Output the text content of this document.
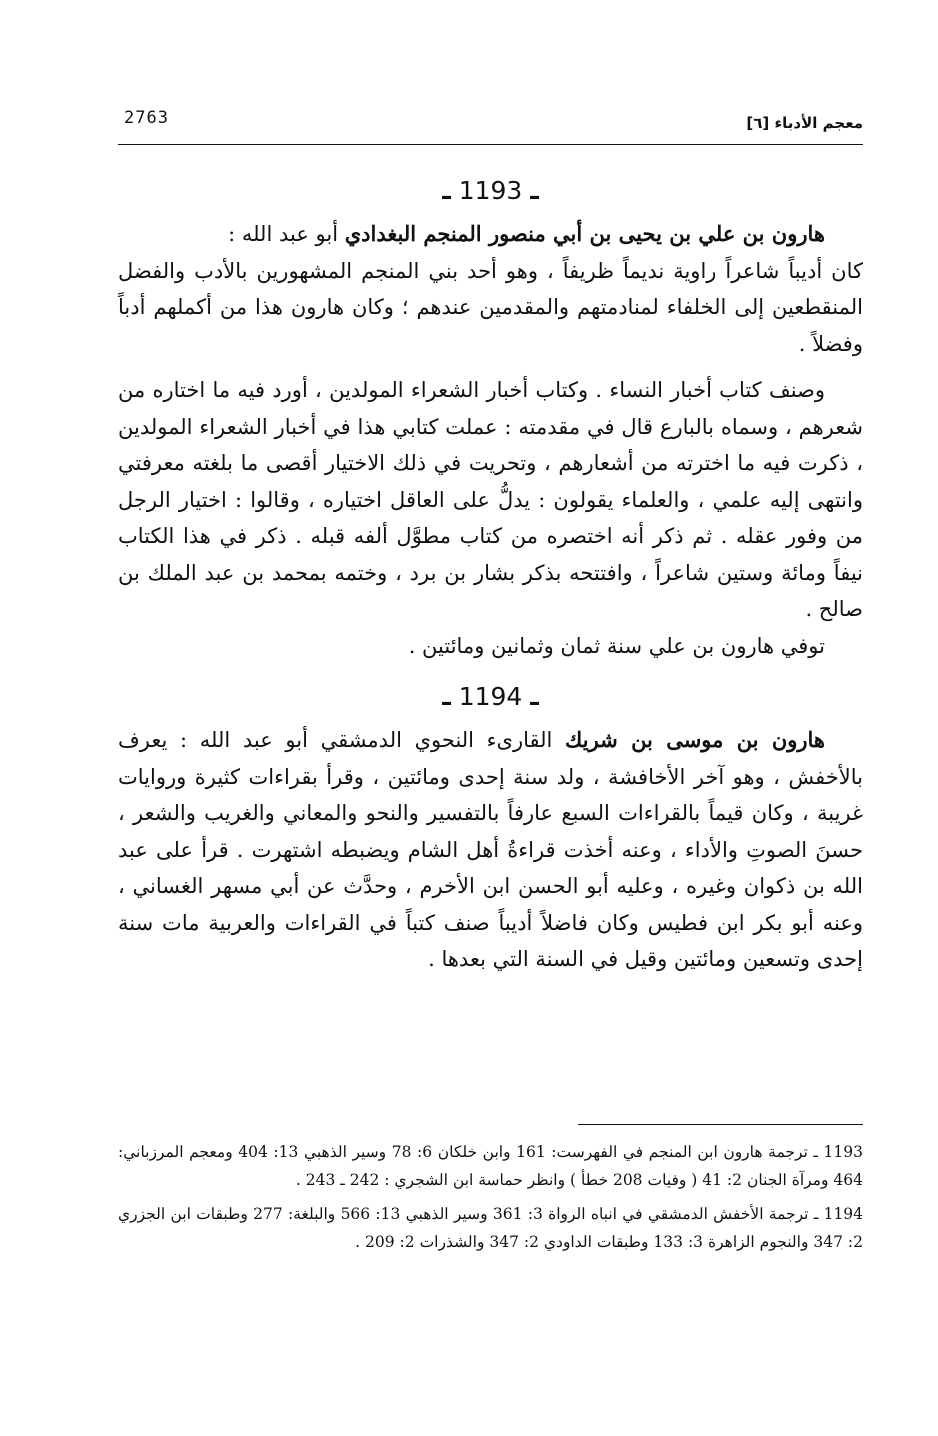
2763	معجم الأدباء [٦]
ـ 1193 ـ

هارون بن علي بن يحيى بن أبي منصور المنجم البغدادي أبو عبد الله :

كان أديباً شاعراً راوية نديماً ظريفاً ، وهو أحد بني المنجم المشهورين بالأدب والفضل المنقطعين إلى الخلفاء لمنادمتهم والمقدمين عندهم ؛ وكان هارون هذا من أكملهم أدباً وفضلاً .

وصنف كتاب أخبار النساء . وكتاب أخبار الشعراء المولدين ، أورد فيه ما اختاره من شعرهم ، وسماه بالبارع قال في مقدمته : عملت كتابي هذا في أخبار الشعراء المولدين ، ذكرت فيه ما اخترته من أشعارهم ، وتحريت في ذلك الاختيار أقصى ما بلغته معرفتي وانتهى إليه علمي ، والعلماء يقولون : يدلُّ على العاقل اختياره ، وقالوا : اختيار الرجل من وفور عقله . ثم ذكر أنه اختصره من كتاب مطوَّل ألفه قبله . ذكر في هذا الكتاب نيفاً ومائة وستين شاعراً ، وافتتحه بذكر بشار بن برد ، وختمه بمحمد بن عبد الملك بن صالح .

توفي هارون بن علي سنة ثمان وثمانين ومائتين .

ـ 1194 ـ

هارون بن موسى بن شريك القارىء النحوي الدمشقي أبو عبد الله : يعرف بالأخفش ، وهو آخر الأخافشة ، ولد سنة إحدى ومائتين ، وقرأ بقراءات كثيرة وروايات غريبة ، وكان قيماً بالقراءات السبع عارفاً بالتفسير والنحو والمعاني والغريب والشعر ، حسنَ الصوتِ والأداء ، وعنه أخذت قراءةُ أهل الشام ويضبطه اشتهرت . قرأ على عبد الله بن ذكوان وغيره ، وعليه أبو الحسن ابن الأخرم ، وحدَّث عن أبي مسهر الغساني ، وعنه أبو بكر ابن فطيس وكان فاضلاً أديباً صنف كتباً في القراءات والعربية مات سنة إحدى وتسعين ومائتين وقيل في السنة التي بعدها .

1193 ـ ترجمة هارون ابن المنجم في الفهرست: 161 وابن خلكان 6: 78 وسير الذهبي 13: 404 ومعجم المرزباني: 464 ومرآة الجنان 2: 41 ( وفيات 208 خطأ ) وانظر حماسة ابن الشجري : 242 ـ 243 .

1194 ـ ترجمة الأخفش الدمشقي في انباه الرواة 3: 361 وسير الذهبي 13: 566 والبلغة: 277 وطبقات ابن الجزري 2: 347 والنجوم الزاهرة 3: 133 وطبقات الداودي 2: 347 والشذرات 2: 209 .
